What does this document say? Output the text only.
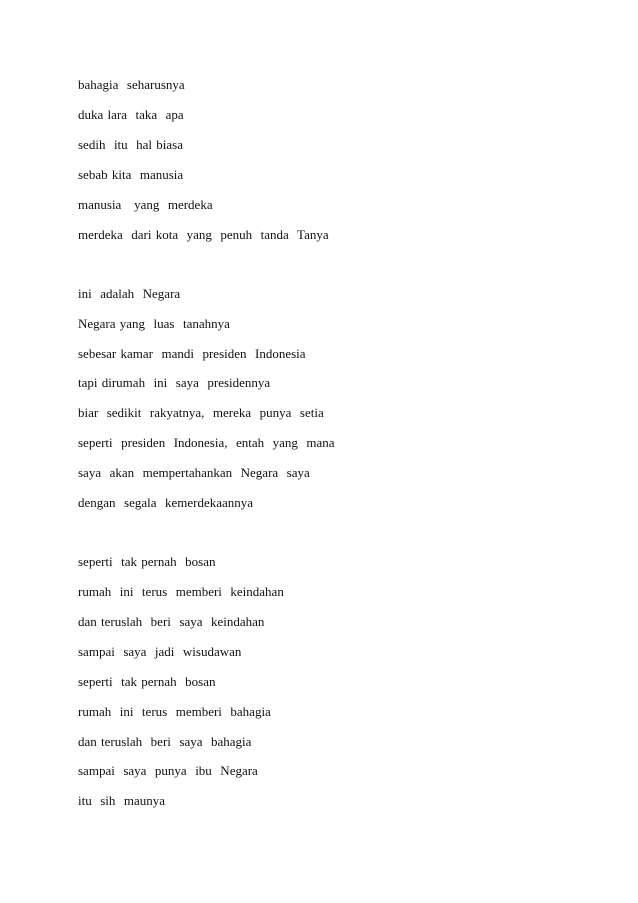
bahagia  seharusnya
duka lara  taka  apa
sedih  itu  hal biasa
sebab kita  manusia
manusia   yang  merdeka
merdeka  dari kota  yang  penuh  tanda  Tanya
ini  adalah  Negara
Negara yang  luas  tanahnya
sebesar kamar  mandi  presiden  Indonesia
tapi dirumah  ini  saya  presidennya
biar  sedikit  rakyatnya,  mereka  punya  setia
seperti  presiden  Indonesia,  entah  yang  mana
saya  akan  mempertahankan  Negara  saya
dengan  segala  kemerdekaannya
seperti  tak pernah  bosan
rumah  ini  terus  memberi  keindahan
dan teruslah  beri  saya  keindahan
sampai  saya  jadi  wisudawan
seperti  tak pernah  bosan
rumah  ini  terus  memberi  bahagia
dan teruslah  beri  saya  bahagia
sampai  saya  punya  ibu  Negara
itu  sih  maunya
